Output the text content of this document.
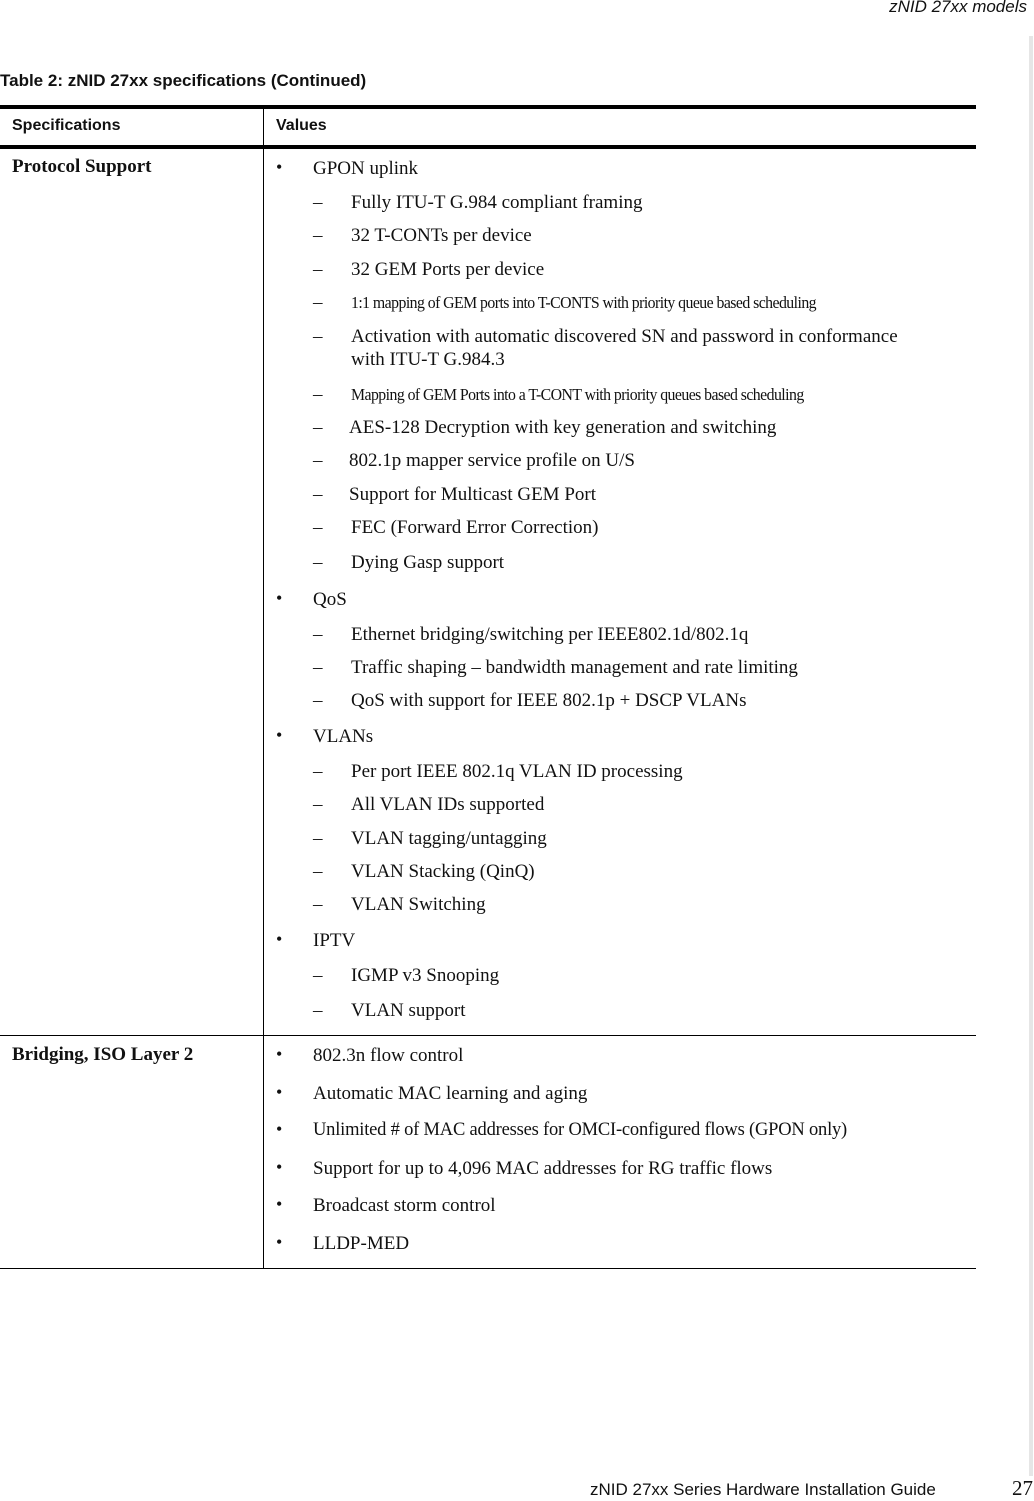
zNID 27xx models
Table 2: zNID 27xx specifications (Continued)
Specifications	Values
Protocol Support	• GPON uplink
– Fully ITU-T G.984 compliant framing
– 32 T-CONTs per device
– 32 GEM Ports per device
– 1:1 mapping of GEM ports into T-CONTS with priority queue based scheduling
– Activation with automatic discovered SN and password in conformance
with ITU-T G.984.3
– Mapping of GEM Ports into a T-CONT with priority queues based scheduling
– AES-128 Decryption with key generation and switching
– 802.1p mapper service profile on U/S
– Support for Multicast GEM Port
– FEC (Forward Error Correction)
– Dying Gasp support
• QoS
– Ethernet bridging/switching per IEEE802.1d/802.1q
– Traffic shaping – bandwidth management and rate limiting
– QoS with support for IEEE 802.1p + DSCP VLANs
• VLANs
– Per port IEEE 802.1q VLAN ID processing
– All VLAN IDs supported
– VLAN tagging/untagging
– VLAN Stacking (QinQ)
– VLAN Switching
• IPTV
– IGMP v3 Snooping
– VLAN support
Bridging, ISO Layer 2	• 802.3n flow control
• Automatic MAC learning and aging
• Unlimited # of MAC addresses for OMCI-configured flows (GPON only)
• Support for up to 4,096 MAC addresses for RG traffic flows
• Broadcast storm control
• LLDP-MED
zNID 27xx Series Hardware Installation Guide	27
